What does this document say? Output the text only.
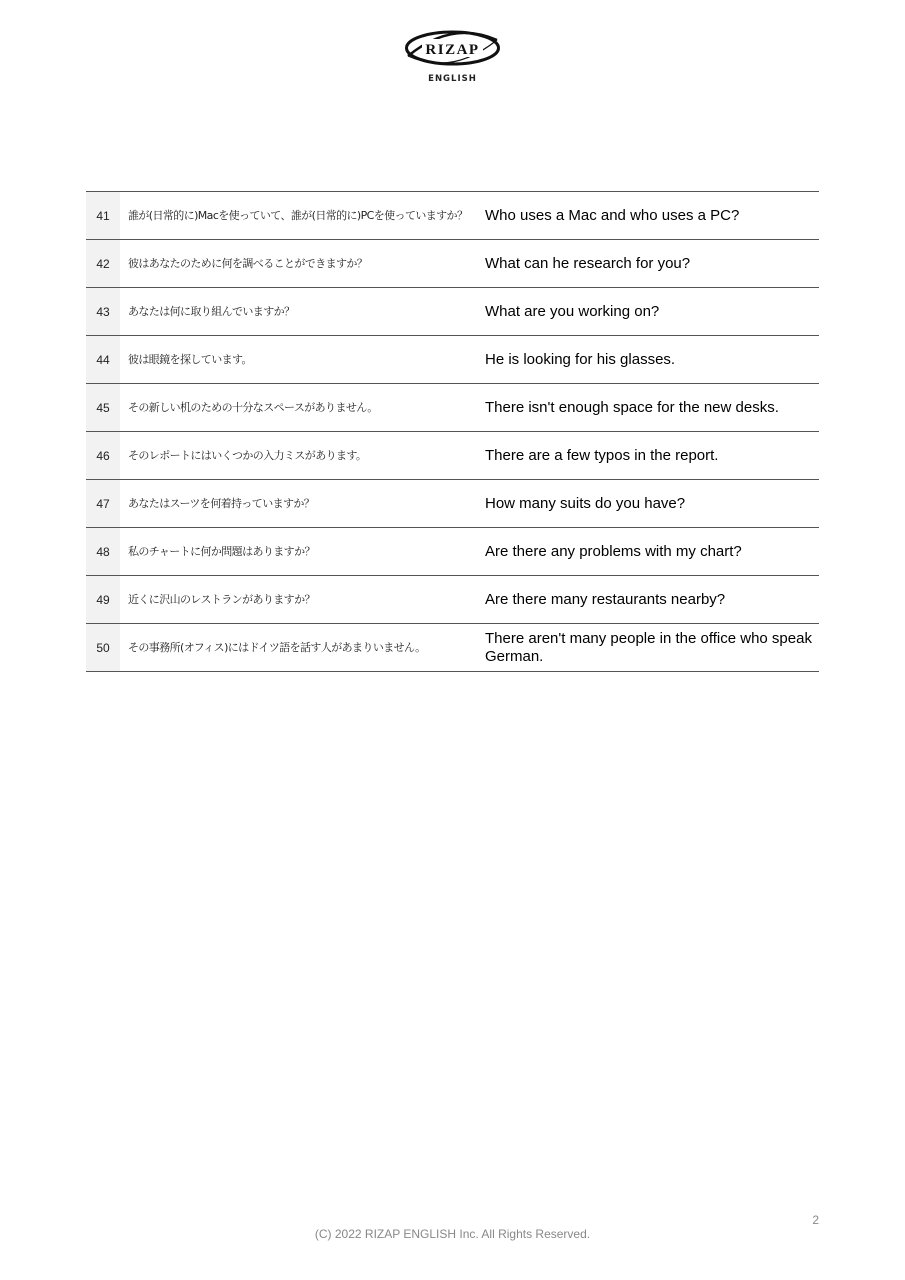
RIZAP
ENGLISH
41	誰が(日常的に)Macを使っていて、誰が(日常的に)PCを使っていますか？	Who uses a Mac and who uses a PC?
42	彼はあなたのために何を調べることができますか？	What can he research for you?
43	あなたは何に取り組んでいますか？	What are you working on?
44	彼は眼鏡を探しています。	He is looking for his glasses.
45	その新しい机のための十分なスペースがありません。	There isn't enough space for the new desks.
46	そのレポートにはいくつかの入力ミスがあります。	There are a few typos in the report.
47	あなたはスーツを何着持っていますか？	How many suits do you have?
48	私のチャートに何か問題はありますか？	Are there any problems with my chart?
49	近くに沢山のレストランがありますか？	Are there many restaurants nearby?
50	その事務所(オフィス)にはドイツ語を話す人があまりいません。	There aren't many people in the office who speak German.
2
(C) 2022 RIZAP ENGLISH Inc. All Rights Reserved.
